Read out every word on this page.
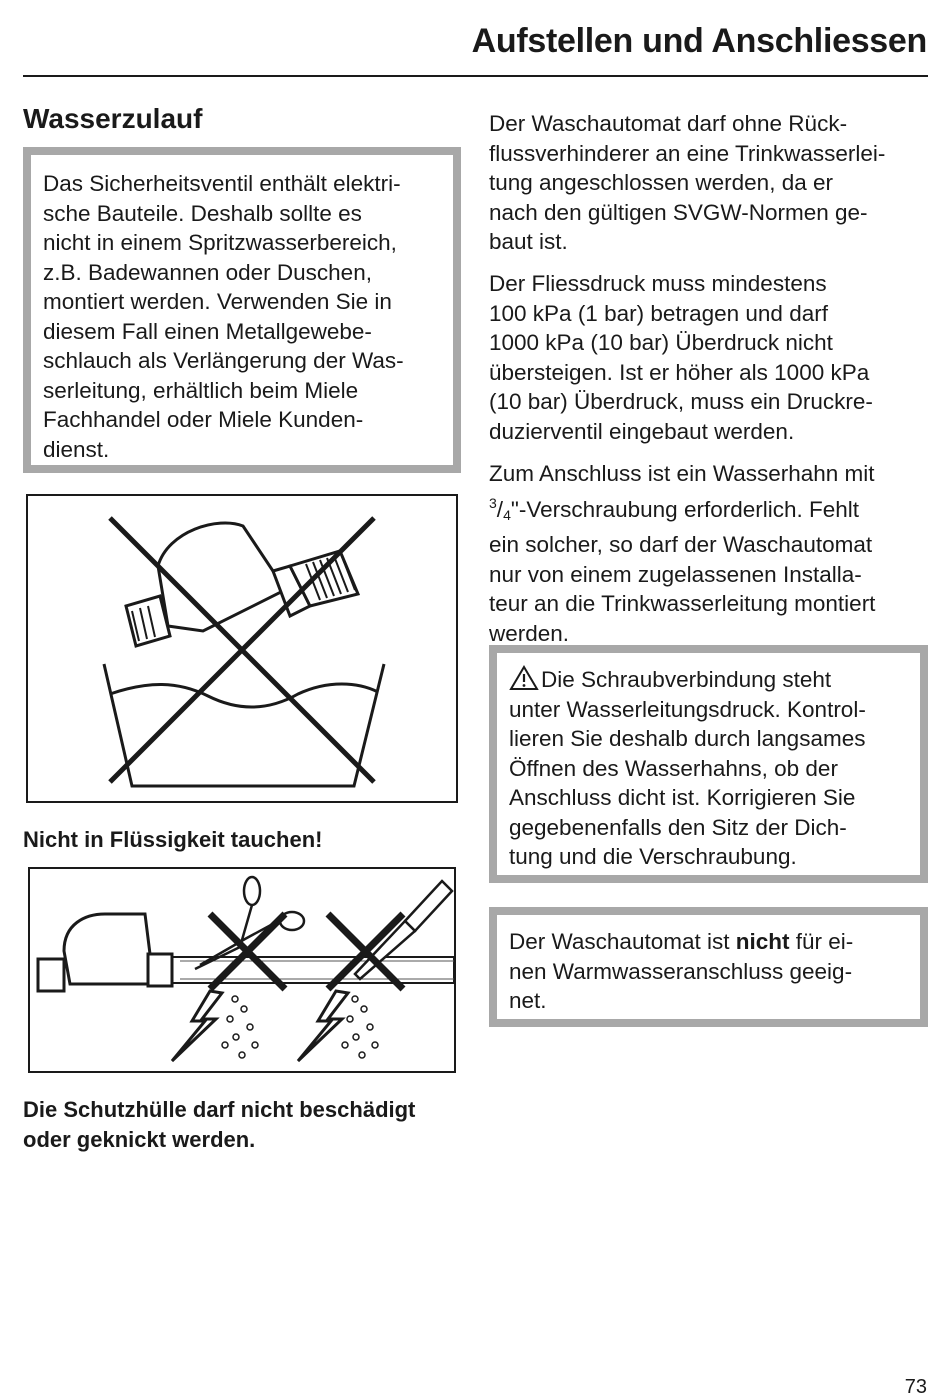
Aufstellen und Anschliessen
Wasserzulauf
Das Sicherheitsventil enthält elektri-
sche Bauteile. Deshalb sollte es
nicht in einem Spritzwasserbereich,
z.B. Badewannen oder Duschen,
montiert werden. Verwenden Sie in
diesem Fall einen Metallgewebe-
schlauch als Verlängerung der Was-
serleitung, erhältlich beim Miele
Fachhandel oder Miele Kunden-
dienst.
Nicht in Flüssigkeit tauchen!
Die Schutzhülle darf nicht beschädigt
oder geknickt werden.
Der Waschautomat darf ohne Rück-
flussverhinderer an eine Trinkwasserlei-
tung angeschlossen werden, da er
nach den gültigen SVGW-Normen ge-
baut ist.
Der Fliessdruck muss mindestens
100 kPa (1 bar) betragen und darf
1000 kPa (10 bar) Überdruck nicht
übersteigen. Ist er höher als 1000 kPa
(10 bar) Überdruck, muss ein Druckre-
duzierventil eingebaut werden.
Zum Anschluss ist ein Wasserhahn mit
$^3/_4$"-Verschraubung erforderlich. Fehlt
ein solcher, so darf der Waschautomat
nur von einem zugelassenen Installa-
teur an die Trinkwasserleitung montiert
werden.
Die Schraubverbindung steht
unter Wasserleitungsdruck. Kontrol-
lieren Sie deshalb durch langsames
Öffnen des Wasserhahns, ob der
Anschluss dicht ist. Korrigieren Sie
gegebenenfalls den Sitz der Dich-
tung und die Verschraubung.
Der Waschautomat ist nicht für ei-
nen Warmwasseranschluss geeig-
net.
73
